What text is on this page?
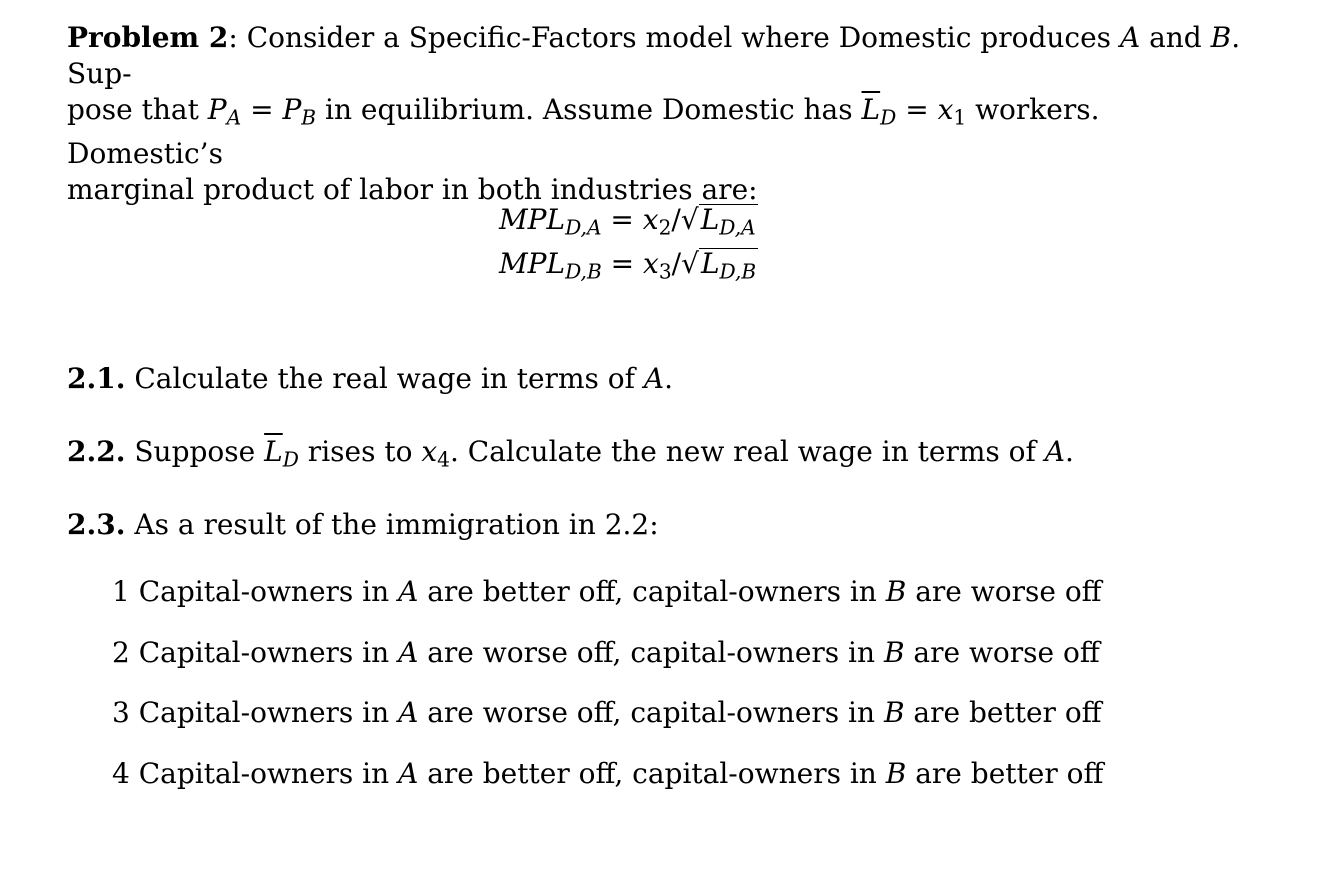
Problem 2: Consider a Specific-Factors model where Domestic produces A and B. Sup-
pose that $P_A = P_B$ in equilibrium. Assume Domestic has $\overline{L}_D = x_1$ workers. Domestic’s
marginal product of labor in both industries are:

$MPL_{D,A} = x_2/√L_{D,A}$
$MPL_{D,B} = x_3/√L_{D,B}$
2.1. Calculate the real wage in terms of A.
2.2. Suppose $\overline{L}_D$ rises to $x_4$. Calculate the new real wage in terms of A.
2.3. As a result of the immigration in 2.2:
1 Capital-owners in A are better off, capital-owners in B are worse off
2 Capital-owners in A are worse off, capital-owners in B are worse off
3 Capital-owners in A are worse off, capital-owners in B are better off
4 Capital-owners in A are better off, capital-owners in B are better off
